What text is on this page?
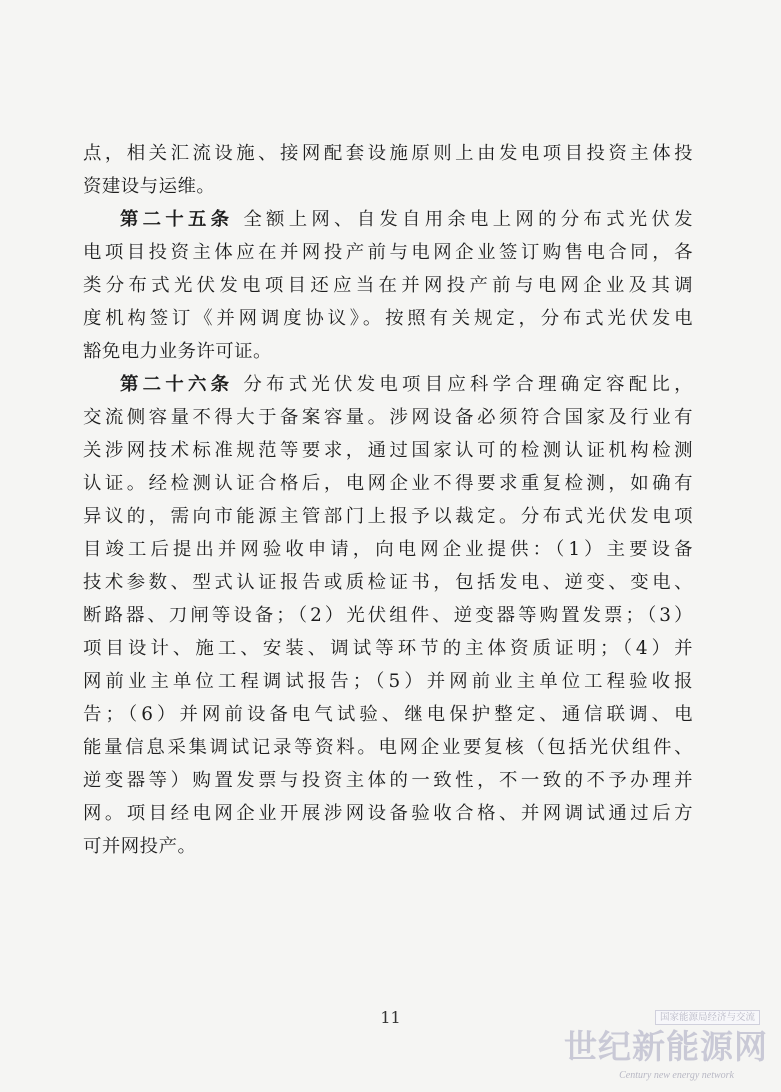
点，相关汇流设施、接网配套设施原则上由发电项目投资主体投
资建设与运维。
第二十五条 全额上网、自发自用余电上网的分布式光伏发
电项目投资主体应在并网投产前与电网企业签订购售电合同，各
类分布式光伏发电项目还应当在并网投产前与电网企业及其调
度机构签订《并网调度协议》。按照有关规定，分布式光伏发电
豁免电力业务许可证。
第二十六条 分布式光伏发电项目应科学合理确定容配比，
交流侧容量不得大于备案容量。涉网设备必须符合国家及行业有
关涉网技术标准规范等要求，通过国家认可的检测认证机构检测
认证。经检测认证合格后，电网企业不得要求重复检测，如确有
异议的，需向市能源主管部门上报予以裁定。分布式光伏发电项
目竣工后提出并网验收申请，向电网企业提供：（1）主要设备
技术参数、型式认证报告或质检证书，包括发电、逆变、变电、
断路器、刀闸等设备；（2）光伏组件、逆变器等购置发票；（3）
项目设计、施工、安装、调试等环节的主体资质证明；（4）并
网前业主单位工程调试报告；（5）并网前业主单位工程验收报
告；（6）并网前设备电气试验、继电保护整定、通信联调、电
能量信息采集调试记录等资料。电网企业要复核（包括光伏组件、
逆变器等）购置发票与投资主体的一致性，不一致的不予办理并
网。项目经电网企业开展涉网设备验收合格、并网调试通过后方
可并网投产。
11	国家能源局经济与交流
世纪新能源网
Century new energy network
